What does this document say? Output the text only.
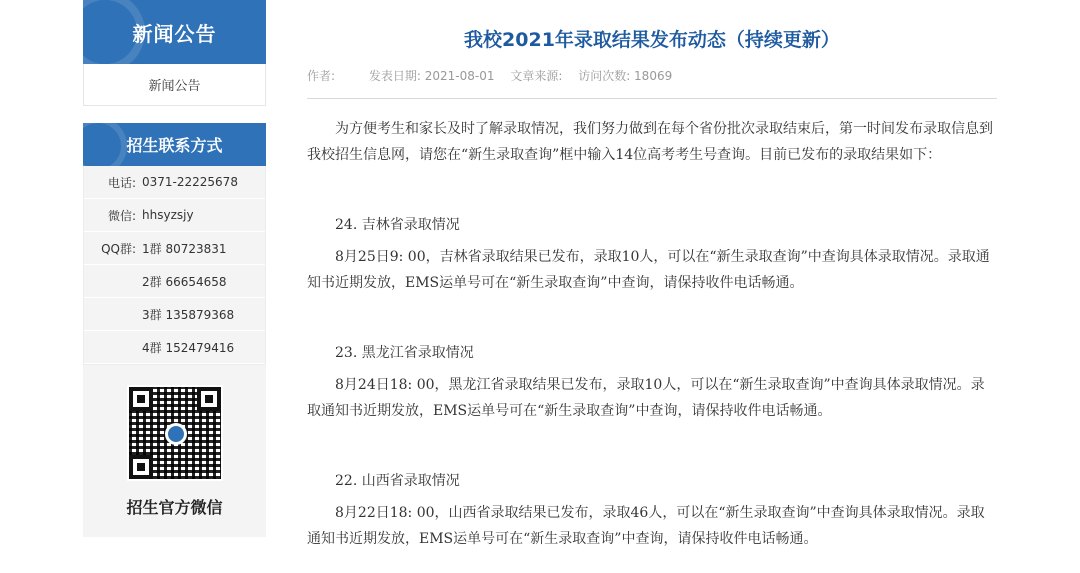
新闻公告
新闻公告
招生联系方式
电话: 0371-22225678
微信: hhsyzsjy
QQ群: 1群 80723831
2群 66654658
3群 135879368
4群 152479416
招生官方微信
我校2021年录取结果发布动态（持续更新）
作者:	发表日期: 2021-08-01 文章来源: 访问次数: 18069

为方便考生和家长及时了解录取情况，我们努力做到在每个省份批次录取结束后，第一时间发布录取信息到我校招生信息网，请您在“新生录取查询”框中输入14位高考考生号查询。目前已发布的录取结果如下：

24. 吉林省录取情况

8月25日9: 00，吉林省录取结果已发布，录取10人，可以在“新生录取查询”中查询具体录取情况。录取通知书近期发放，EMS运单号可在“新生录取查询”中查询，请保持收件电话畅通。

23. 黑龙江省录取情况

8月24日18: 00，黑龙江省录取结果已发布，录取10人，可以在“新生录取查询”中查询具体录取情况。录取通知书近期发放，EMS运单号可在“新生录取查询”中查询，请保持收件电话畅通。

22. 山西省录取情况

8月22日18: 00，山西省录取结果已发布，录取46人，可以在“新生录取查询”中查询具体录取情况。录取通知书近期发放，EMS运单号可在“新生录取查询”中查询，请保持收件电话畅通。
